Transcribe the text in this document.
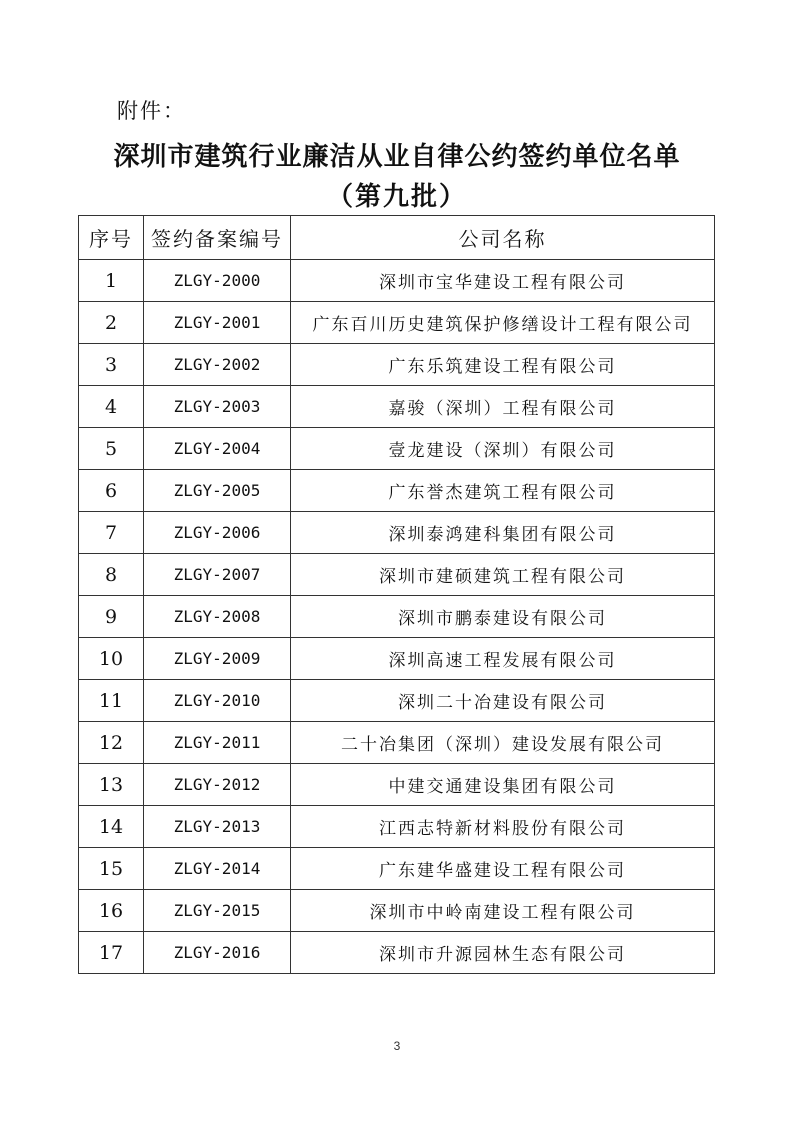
附件：
深圳市建筑行业廉洁从业自律公约签约单位名单
（第九批）
序号	签约备案编号	公司名称
1	ZLGY-2000	深圳市宝华建设工程有限公司
2	ZLGY-2001	广东百川历史建筑保护修缮设计工程有限公司
3	ZLGY-2002	广东乐筑建设工程有限公司
4	ZLGY-2003	嘉骏（深圳）工程有限公司
5	ZLGY-2004	壹龙建设（深圳）有限公司
6	ZLGY-2005	广东誉杰建筑工程有限公司
7	ZLGY-2006	深圳泰鸿建科集团有限公司
8	ZLGY-2007	深圳市建硕建筑工程有限公司
9	ZLGY-2008	深圳市鹏泰建设有限公司
10	ZLGY-2009	深圳高速工程发展有限公司
11	ZLGY-2010	深圳二十冶建设有限公司
12	ZLGY-2011	二十冶集团（深圳）建设发展有限公司
13	ZLGY-2012	中建交通建设集团有限公司
14	ZLGY-2013	江西志特新材料股份有限公司
15	ZLGY-2014	广东建华盛建设工程有限公司
16	ZLGY-2015	深圳市中岭南建设工程有限公司
17	ZLGY-2016	深圳市升源园林生态有限公司
3
